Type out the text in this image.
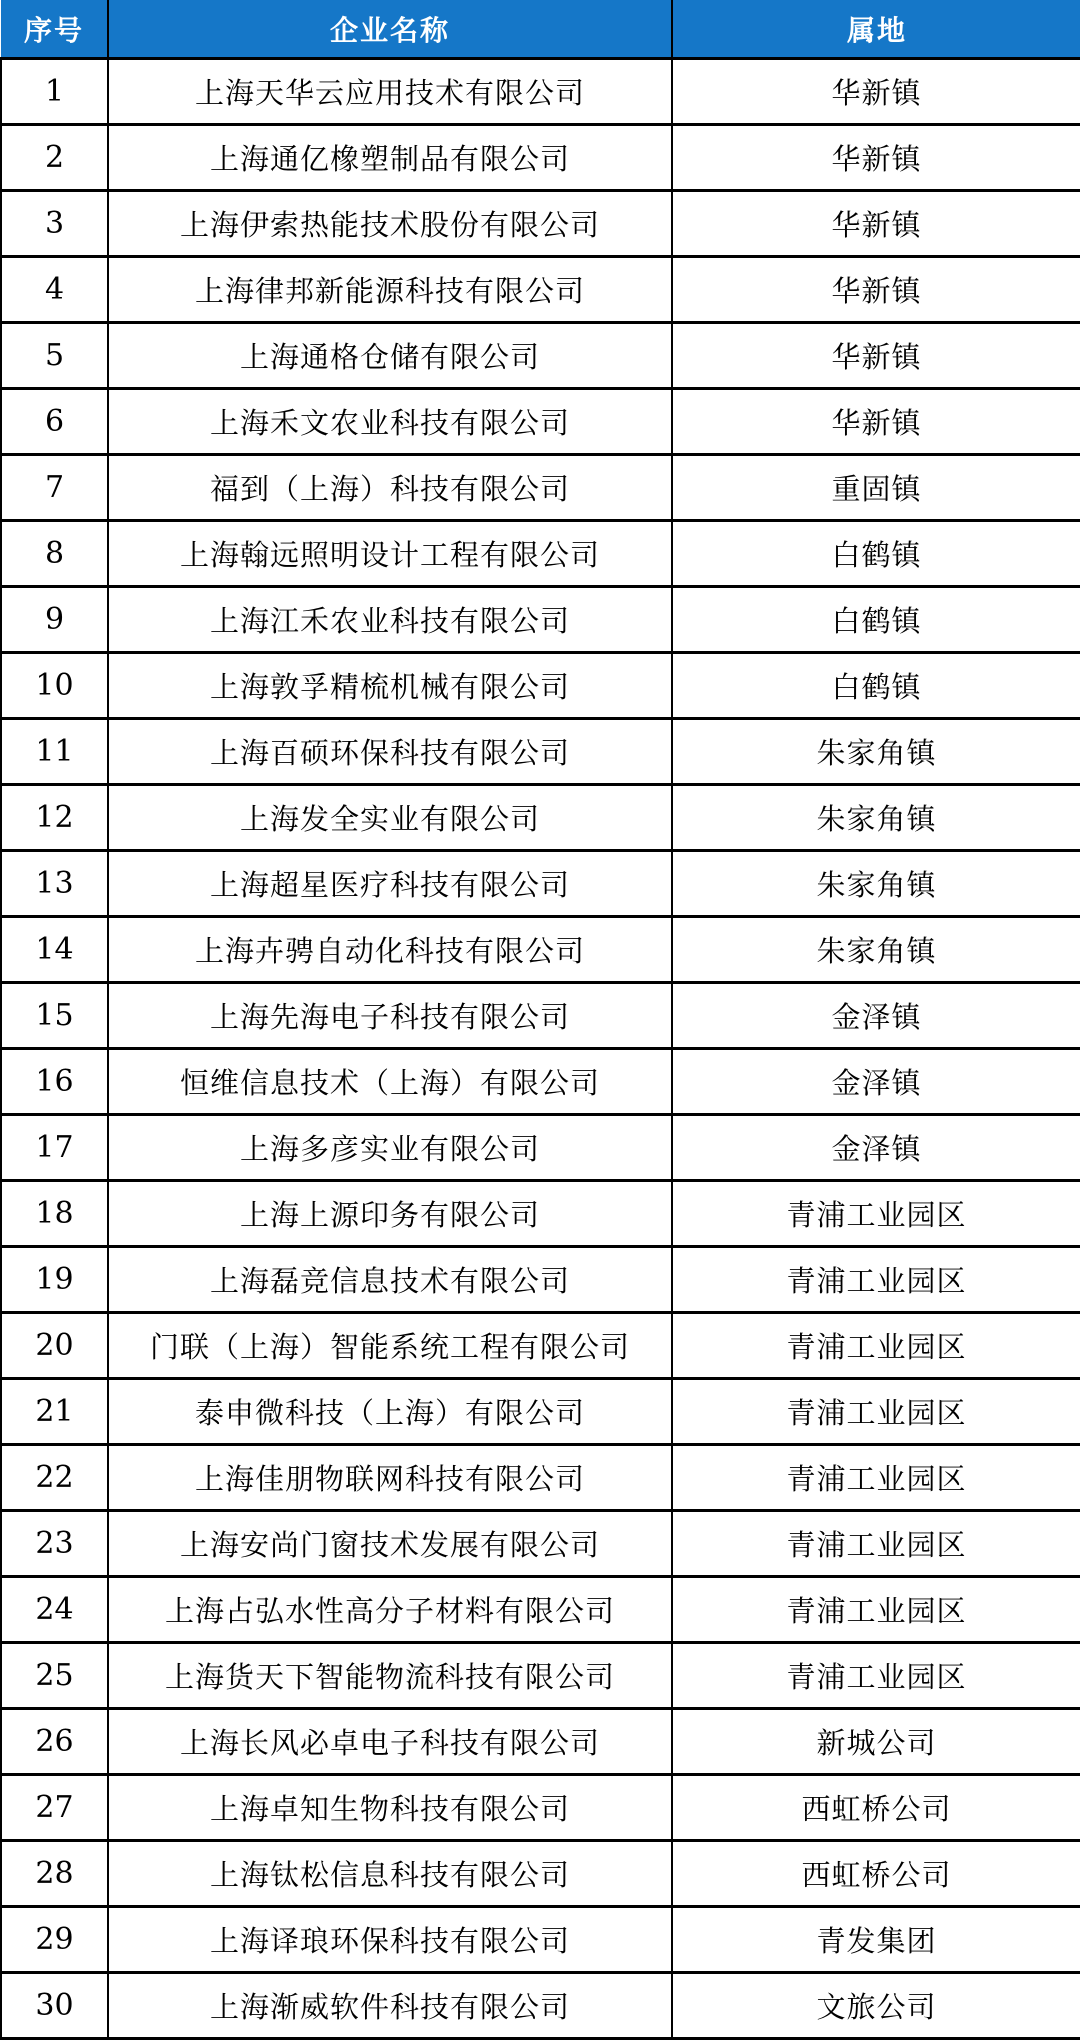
序号	企业名称	属地
1	上海天华云应用技术有限公司	华新镇
2	上海通亿橡塑制品有限公司	华新镇
3	上海伊索热能技术股份有限公司	华新镇
4	上海律邦新能源科技有限公司	华新镇
5	上海通格仓储有限公司	华新镇
6	上海禾文农业科技有限公司	华新镇
7	福到（上海）科技有限公司	重固镇
8	上海翰远照明设计工程有限公司	白鹤镇
9	上海江禾农业科技有限公司	白鹤镇
10	上海敦孚精梳机械有限公司	白鹤镇
11	上海百硕环保科技有限公司	朱家角镇
12	上海发全实业有限公司	朱家角镇
13	上海超星医疗科技有限公司	朱家角镇
14	上海卉骋自动化科技有限公司	朱家角镇
15	上海先海电子科技有限公司	金泽镇
16	恒维信息技术（上海）有限公司	金泽镇
17	上海多彦实业有限公司	金泽镇
18	上海上源印务有限公司	青浦工业园区
19	上海磊竞信息技术有限公司	青浦工业园区
20	门联（上海）智能系统工程有限公司	青浦工业园区
21	泰申微科技（上海）有限公司	青浦工业园区
22	上海佳朋物联网科技有限公司	青浦工业园区
23	上海安尚门窗技术发展有限公司	青浦工业园区
24	上海占弘水性高分子材料有限公司	青浦工业园区
25	上海货天下智能物流科技有限公司	青浦工业园区
26	上海长风必卓电子科技有限公司	新城公司
27	上海卓知生物科技有限公司	西虹桥公司
28	上海钛松信息科技有限公司	西虹桥公司
29	上海译琅环保科技有限公司	青发集团
30	上海渐威软件科技有限公司	文旅公司
